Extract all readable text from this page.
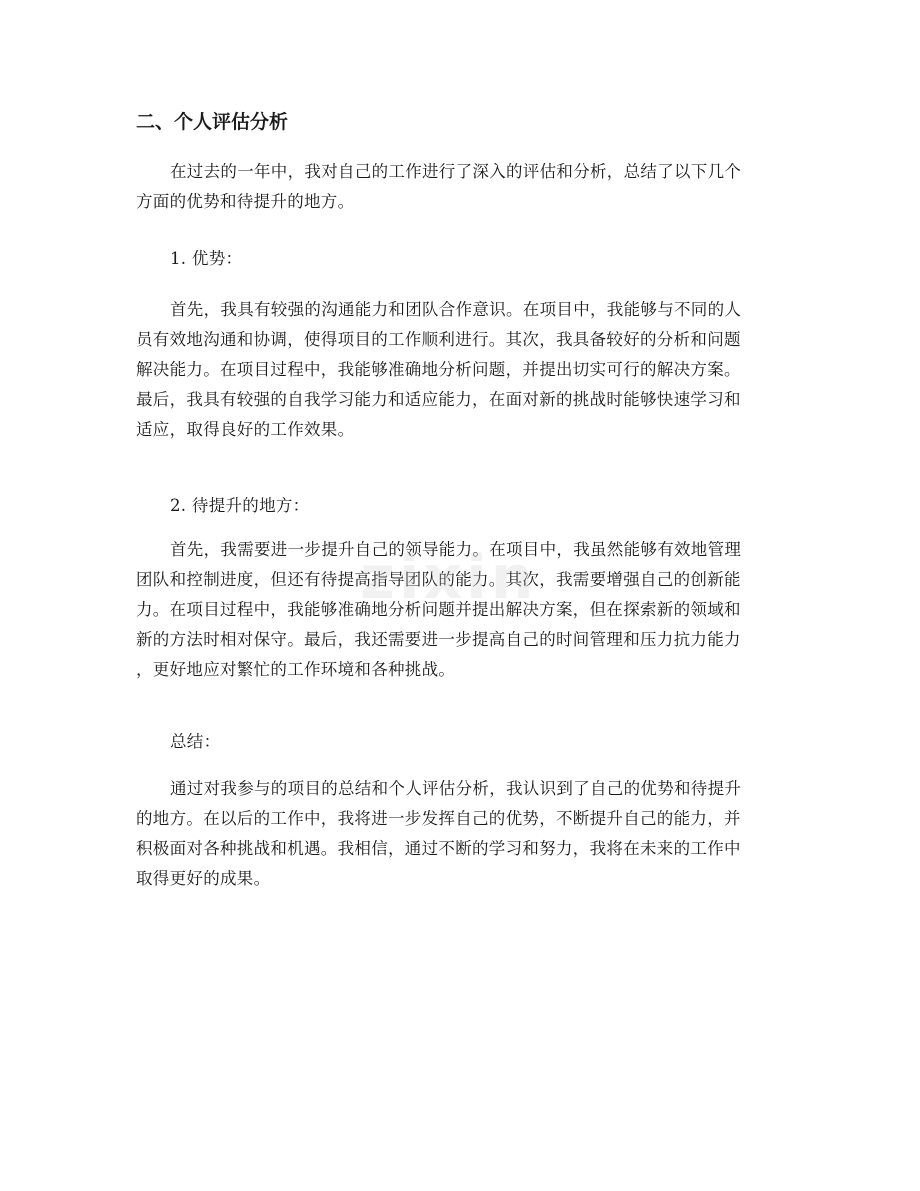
二、个人评估分析
在过去的一年中，我对自己的工作进行了深入的评估和分析，总结了以下几个
方面的优势和待提升的地方。
1. 优势：
首先，我具有较强的沟通能力和团队合作意识。在项目中，我能够与不同的人
员有效地沟通和协调，使得项目的工作顺利进行。其次，我具备较好的分析和问题
解决能力。在项目过程中，我能够准确地分析问题，并提出切实可行的解决方案。
最后，我具有较强的自我学习能力和适应能力，在面对新的挑战时能够快速学习和
适应，取得良好的工作效果。
2. 待提升的地方：
首先，我需要进一步提升自己的领导能力。在项目中，我虽然能够有效地管理
团队和控制进度，但还有待提高指导团队的能力。其次，我需要增强自己的创新能
力。在项目过程中，我能够准确地分析问题并提出解决方案，但在探索新的领域和
新的方法时相对保守。最后，我还需要进一步提高自己的时间管理和压力抗力能力
，更好地应对繁忙的工作环境和各种挑战。
总结：
通过对我参与的项目的总结和个人评估分析，我认识到了自己的优势和待提升
的地方。在以后的工作中，我将进一步发挥自己的优势，不断提升自己的能力，并
积极面对各种挑战和机遇。我相信，通过不断的学习和努力，我将在未来的工作中
取得更好的成果。
zixin
